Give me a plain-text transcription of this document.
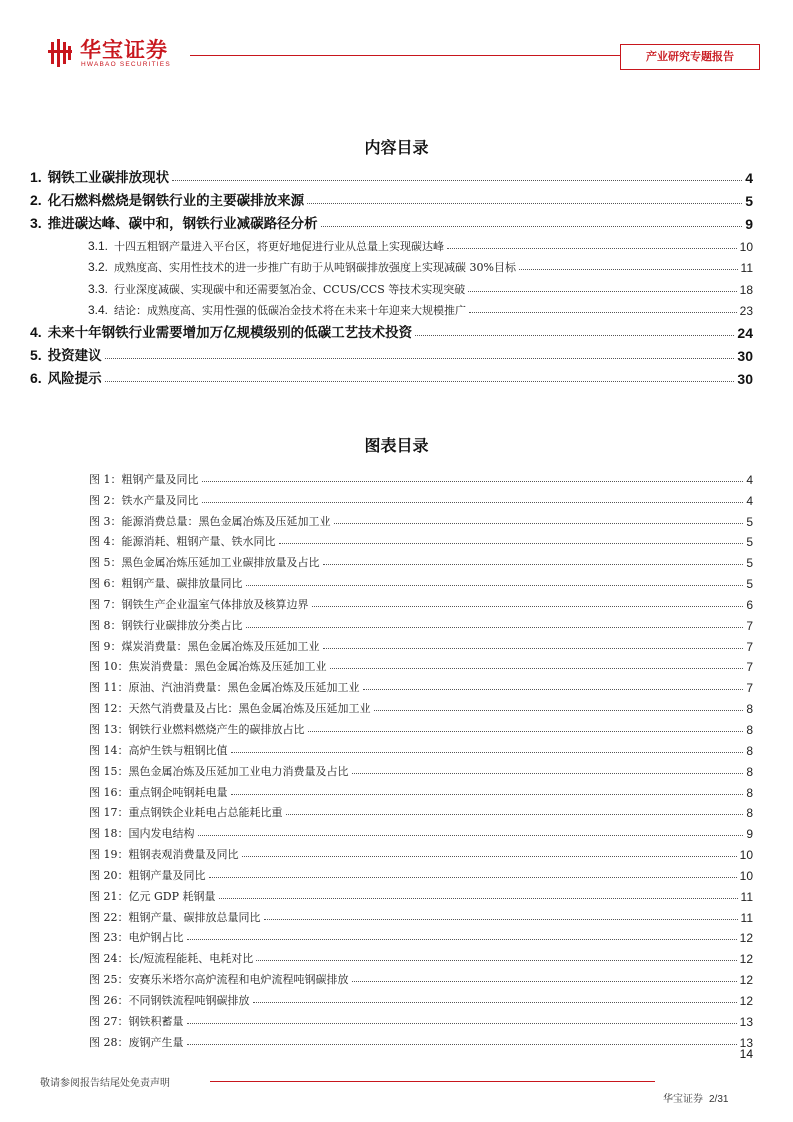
华宝证券
HWABAO SECURITIES
产业研究专题报告
内容目录
1. 钢铁工业碳排放现状	4
2. 化石燃料燃烧是钢铁行业的主要碳排放来源	5
3. 推进碳达峰、碳中和，钢铁行业减碳路径分析	9
3.1. 十四五粗钢产量进入平台区，将更好地促进行业从总量上实现碳达峰	10
3.2. 成熟度高、实用性技术的进一步推广有助于从吨钢碳排放强度上实现减碳 30%目标	11
3.3. 行业深度减碳、实现碳中和还需要氢冶金、CCUS/CCS 等技术实现突破	18
3.4. 结论：成熟度高、实用性强的低碳冶金技术将在未来十年迎来大规模推广	23
4. 未来十年钢铁行业需要增加万亿规模级别的低碳工艺技术投资	24
5. 投资建议	30
6. 风险提示	30
图表目录
图 1：粗钢产量及同比	4
图 2：铁水产量及同比	4
图 3：能源消费总量：黑色金属冶炼及压延加工业	5
图 4：能源消耗、粗钢产量、铁水同比	5
图 5：黑色金属冶炼压延加工业碳排放量及占比	5
图 6：粗钢产量、碳排放量同比	5
图 7：钢铁生产企业温室气体排放及核算边界	6
图 8：钢铁行业碳排放分类占比	7
图 9：煤炭消费量：黑色金属冶炼及压延加工业	7
图 10：焦炭消费量：黑色金属冶炼及压延加工业	7
图 11：原油、汽油消费量：黑色金属冶炼及压延加工业	7
图 12：天然气消费量及占比：黑色金属冶炼及压延加工业	8
图 13：钢铁行业燃料燃烧产生的碳排放占比	8
图 14：高炉生铁与粗钢比值	8
图 15：黑色金属冶炼及压延加工业电力消费量及占比	8
图 16：重点钢企吨钢耗电量	8
图 17：重点钢铁企业耗电占总能耗比重	8
图 18：国内发电结构	9
图 19：粗钢表观消费量及同比	10
图 20：粗钢产量及同比	10
图 21：亿元 GDP 耗钢量	11
图 22：粗钢产量、碳排放总量同比	11
图 23：电炉钢占比	12
图 24：长/短流程能耗、电耗对比	12
图 25：安赛乐米塔尔高炉流程和电炉流程吨钢碳排放	12
图 26：不同钢铁流程吨钢碳排放	12
图 27：钢铁积蓄量	13
图 28：废钢产生量	13
14
敬请参阅报告结尾处免责声明
华宝证券 2/31
